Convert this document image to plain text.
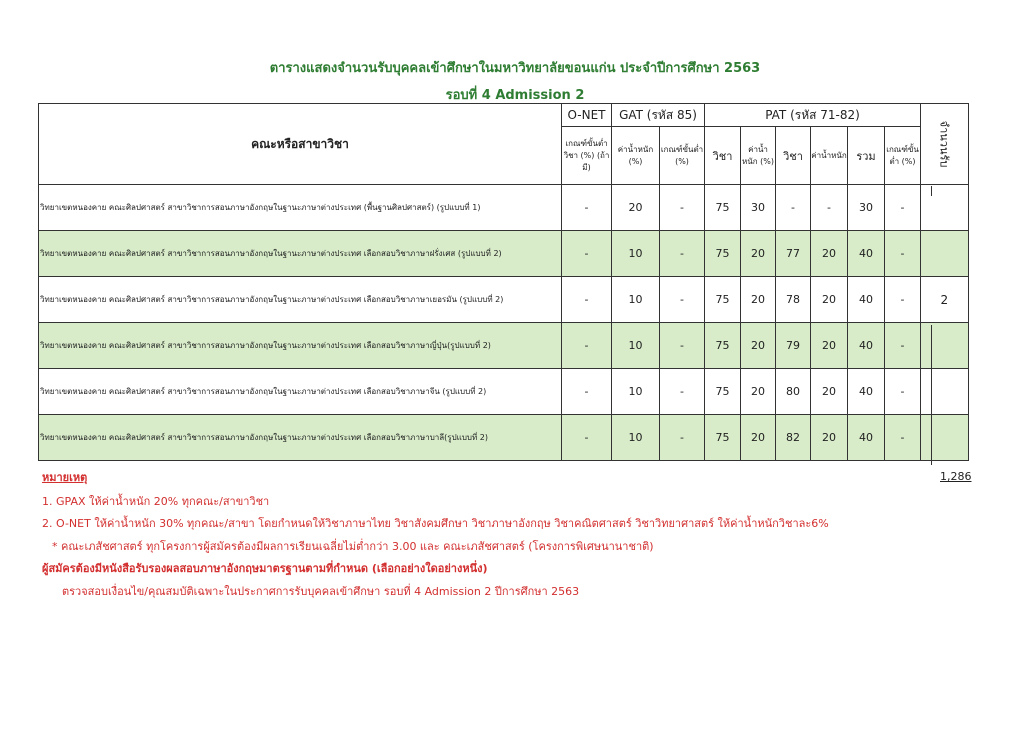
ตารางแสดงจำนวนรับบุคคลเข้าศึกษาในมหาวิทยาลัยขอนแก่น ประจำปีการศึกษา 2563
รอบที่ 4 Admission 2
คณะหรือสาขาวิชา	O-NET	GAT (รหัส 85)		PAT (รหัส 71-82)						จำนวนรับ
	เกณฑ์ขั้นต่ำวิชา (%) (ถ้ามี)	ค่าน้ำหนัก (%)	เกณฑ์ขั้นต่ำ (%)	วิชา	ค่าน้ำหนัก (%)	วิชา	ค่าน้ำหนัก	รวม	เกณฑ์ขั้นต่ำ (%)	
วิทยาเขตหนองคาย คณะศิลปศาสตร์ สาขาวิชาการสอนภาษาอังกฤษในฐานะภาษาต่างประเทศ (พื้นฐานศิลปศาสตร์) (รูปแบบที่ 1)	-	20	-	75	30	-	-	30	-	
วิทยาเขตหนองคาย คณะศิลปศาสตร์ สาขาวิชาการสอนภาษาอังกฤษในฐานะภาษาต่างประเทศ เลือกสอบวิชาภาษาฝรั่งเศส (รูปแบบที่ 2)	-	10	-	75	20	77	20	40	-	
วิทยาเขตหนองคาย คณะศิลปศาสตร์ สาขาวิชาการสอนภาษาอังกฤษในฐานะภาษาต่างประเทศ เลือกสอบวิชาภาษาเยอรมัน (รูปแบบที่ 2)	-	10	-	75	20	78	20	40	-	2
วิทยาเขตหนองคาย คณะศิลปศาสตร์ สาขาวิชาการสอนภาษาอังกฤษในฐานะภาษาต่างประเทศ เลือกสอบวิชาภาษาญี่ปุ่น(รูปแบบที่ 2)	-	10	-	75	20	79	20	40	-	
วิทยาเขตหนองคาย คณะศิลปศาสตร์ สาขาวิชาการสอนภาษาอังกฤษในฐานะภาษาต่างประเทศ เลือกสอบวิชาภาษาจีน (รูปแบบที่ 2)	-	10	-	75	20	80	20	40	-	
วิทยาเขตหนองคาย คณะศิลปศาสตร์ สาขาวิชาการสอนภาษาอังกฤษในฐานะภาษาต่างประเทศ เลือกสอบวิชาภาษาบาลี(รูปแบบที่ 2)	-	10	-	75	20	82	20	40	-	
1,286
หมายเหตุ
1. GPAX ให้ค่าน้ำหนัก 20% ทุกคณะ/สาขาวิชา
2. O-NET ให้ค่าน้ำหนัก 30% ทุกคณะ/สาขา โดยกำหนดให้วิชาภาษาไทย วิชาสังคมศึกษา วิชาภาษาอังกฤษ วิชาคณิตศาสตร์ วิชาวิทยาศาสตร์ ให้ค่าน้ำหนักวิชาละ6%
* คณะเภสัชศาสตร์ ทุกโครงการผู้สมัครต้องมีผลการเรียนเฉลี่ยไม่ต่ำกว่า 3.00 และ คณะเภสัชศาสตร์ (โครงการพิเศษนานาชาติ)
ผู้สมัครต้องมีหนังสือรับรองผลสอบภาษาอังกฤษมาตรฐานตามที่กำหนด (เลือกอย่างใดอย่างหนึ่ง)
ตรวจสอบเงื่อนไข/คุณสมบัติเฉพาะในประกาศการรับบุคคลเข้าศึกษา รอบที่ 4 Admission 2 ปีการศึกษา 2563
